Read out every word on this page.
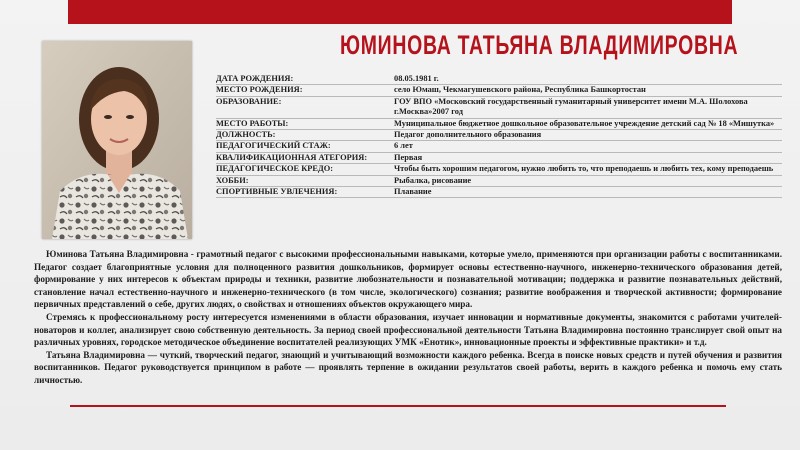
ЮМИНОВА ТАТЬЯНА ВЛАДИМИРОВНА
ДАТА РОЖДЕНИЯ:	08.05.1981 г.
МЕСТО РОЖДЕНИЯ:	село Юмаш, Чекмагушевского района, Республика Башкортостан
ОБРАЗОВАНИЕ:	ГОУ ВПО «Московский государственный гуманитарный университет имени М.А. Шолохова г.Москва»2007 год
МЕСТО РАБОТЫ:	Муниципальное бюджетное дошкольное образовательное учреждение детский сад № 18 «Мишутка»
ДОЛЖНОСТЬ:	Педагог дополнительного образования
ПЕДАГОГИЧЕСКИЙ СТАЖ:	6 лет
КВАЛИФИКАЦИОННАЯ АТЕГОРИЯ:	Первая
ПЕДАГОГИЧЕСКОЕ КРЕДО:	Чтобы быть хорошим педагогом, нужно любить то, что преподаешь и любить тех, кому преподаешь
ХОББИ:	Рыбалка, рисование
СПОРТИВНЫЕ УВЛЕЧЕНИЯ:	Плавание

Юминова Татьяна Владимировна - грамотный педагог с высокими профессиональными навыками, которые умело, применяются при организации работы с воспитанниками. Педагог создает благоприятные условия для полноценного развития дошкольников, формирует основы естественно-научного, инженерно-технического образования детей, формирование у них интересов к объектам природы и техники, развитие любознательности и познавательной мотивации; поддержка и развитие познавательных действий, становление начал естественно-научного и инженерно-технического (в том числе, экологического) сознания; развитие воображения и творческой активности; формирование первичных представлений о себе, других людях, о свойствах и отношениях объектов окружающего мира.

Стремясь к профессиональному росту интересуется изменениями в области образования, изучает инновации и нормативные документы, знакомится с работами учителей-новаторов и коллег, анализирует свою собственную деятельность. За период своей профессиональной деятельности Татьяна Владимировна постоянно транслирует свой опыт на различных уровнях, городское методическое объединение воспитателей реализующих УМК «Енотик», инновационные проекты и эффективные практики» и т.д.

Татьяна Владимировна — чуткий, творческий педагог, знающий и учитывающий возможности каждого ребенка. Всегда в поиске новых средств и путей обучения и развития воспитанников. Педагог руководствуется принципом в работе — проявлять терпение в ожидании результатов своей работы, верить в каждого ребенка и помочь ему стать личностью.
